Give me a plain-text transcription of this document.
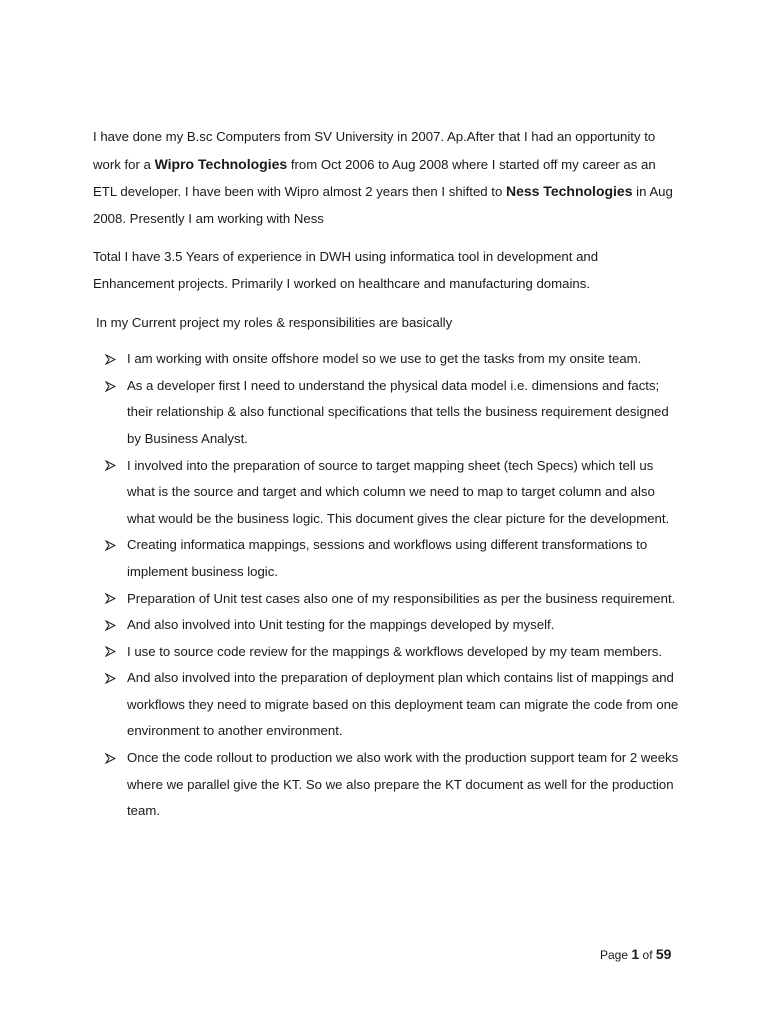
I have done my B.sc Computers from SV University in 2007. Ap.After that I had an opportunity to work for a Wipro Technologies from Oct 2006 to Aug 2008 where I started off my career as an ETL developer. I have been with Wipro almost 2 years then I shifted to Ness Technologies in Aug 2008. Presently I am working with Ness

Total I have 3.5 Years of experience in DWH using informatica tool in development and Enhancement projects. Primarily I worked on healthcare and manufacturing domains.

In my Current project my roles & responsibilities are basically

I am working with onsite offshore model so we use to get the tasks from my onsite team.
As a developer first I need to understand the physical data model i.e. dimensions and facts; their relationship & also functional specifications that tells the business requirement designed by Business Analyst.
I involved into the preparation of source to target mapping sheet (tech Specs) which tell us what is the source and target and which column we need to map to target column and also what would be the business logic. This document gives the clear picture for the development.
Creating informatica mappings, sessions and workflows using different transformations to implement business logic.
Preparation of Unit test cases also one of my responsibilities as per the business requirement.
And also involved into Unit testing for the mappings developed by myself.
I use to source code review for the mappings & workflows developed by my team members.
And also involved into the preparation of deployment plan which contains list of mappings and workflows they need to migrate based on this deployment team can migrate the code from one environment to another environment.
Once the code rollout to production we also work with the production support team for 2 weeks where we parallel give the KT. So we also prepare the KT document as well for the production team.
Page 1 of 59
